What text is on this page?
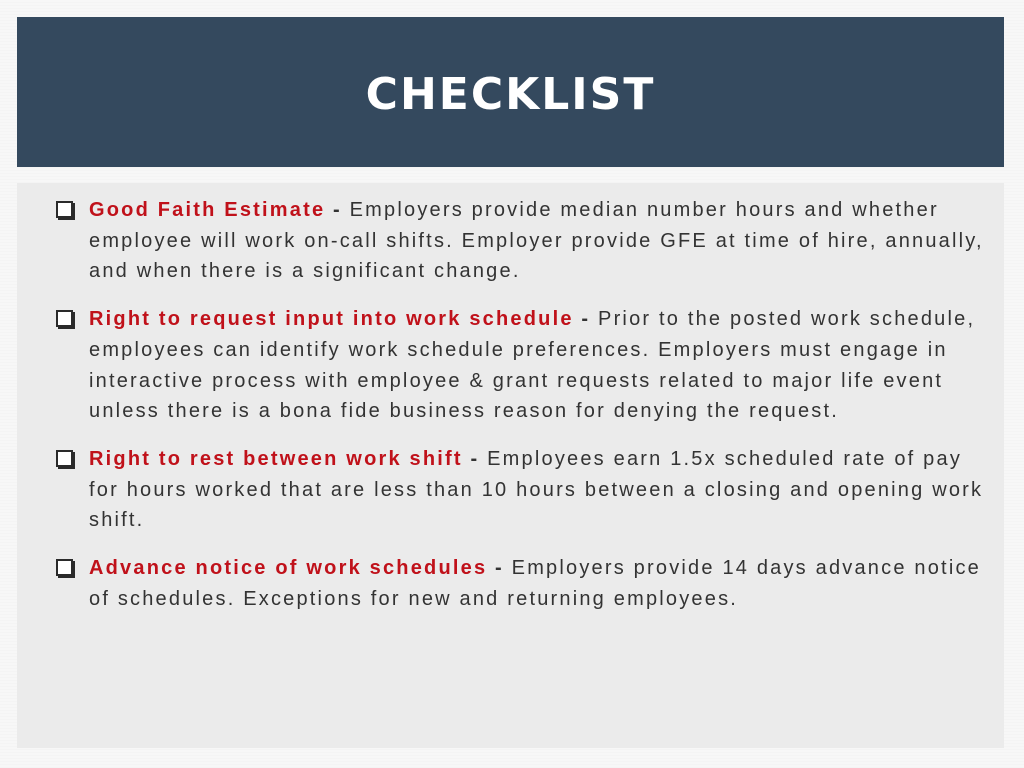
CHECKLIST
Good Faith Estimate - Employers provide median number hours and whether employee will work on-call shifts. Employer provide GFE at time of hire, annually, and when there is a significant change.
Right to request input into work schedule - Prior to the posted work schedule, employees can identify work schedule preferences. Employers must engage in interactive process with employee & grant requests related to major life event unless there is a bona fide business reason for denying the request.
Right to rest between work shift - Employees earn 1.5x scheduled rate of pay for hours worked that are less than 10 hours between a closing and opening work shift.
Advance notice of work schedules - Employers provide 14 days advance notice of schedules. Exceptions for new and returning employees.
